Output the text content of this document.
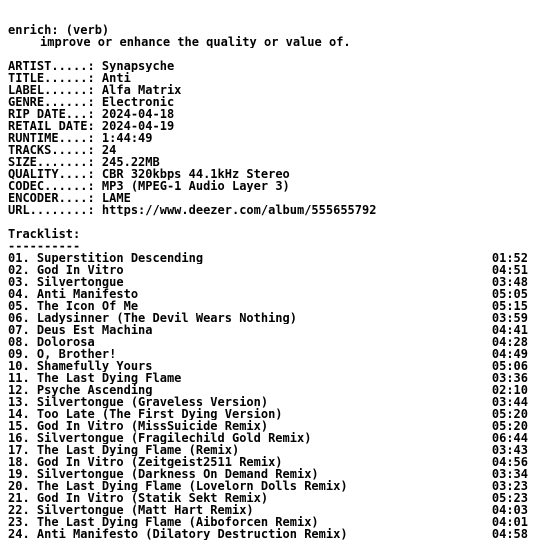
enrich: (verb)
improve or enhance the quality or value of.
ARTIST.....: Synapsyche
TITLE......: Anti
LABEL......: Alfa Matrix
GENRE......: Electronic
RIP DATE...: 2024-04-18
RETAIL DATE: 2024-04-19
RUNTIME....: 1:44:49
TRACKS.....: 24
SIZE.......: 245.22MB
QUALITY....: CBR 320kbps 44.1kHz Stereo
CODEC......: MP3 (MPEG-1 Audio Layer 3)
ENCODER....: LAME
URL........: https://www.deezer.com/album/555655792
Tracklist:
----------
01. Superstition Descending	01:52
02. God In Vitro	04:51
03. Silvertongue	03:48
04. Anti Manifesto	05:05
05. The Icon Of Me	05:15
06. Ladysinner (The Devil Wears Nothing)	03:59
07. Deus Est Machina	04:41
08. Dolorosa	04:28
09. O, Brother!	04:49
10. Shamefully Yours	05:06
11. The Last Dying Flame	03:36
12. Psyche Ascending	02:10
13. Silvertongue (Graveless Version)	03:44
14. Too Late (The First Dying Version)	05:20
15. God In Vitro (MissSuicide Remix)	05:20
16. Silvertongue (Fragilechild Gold Remix)	06:44
17. The Last Dying Flame (Remix)	03:43
18. God In Vitro (Zeitgeist2511 Remix)	04:56
19. Silvertongue (Darkness On Demand Remix)	03:34
20. The Last Dying Flame (Lovelorn Dolls Remix)	03:23
21. God In Vitro (Statik Sekt Remix)	05:23
22. Silvertongue (Matt Hart Remix)	04:03
23. The Last Dying Flame (Aiboforcen Remix)	04:01
24. Anti Manifesto (Dilatory Destruction Remix)	04:58
